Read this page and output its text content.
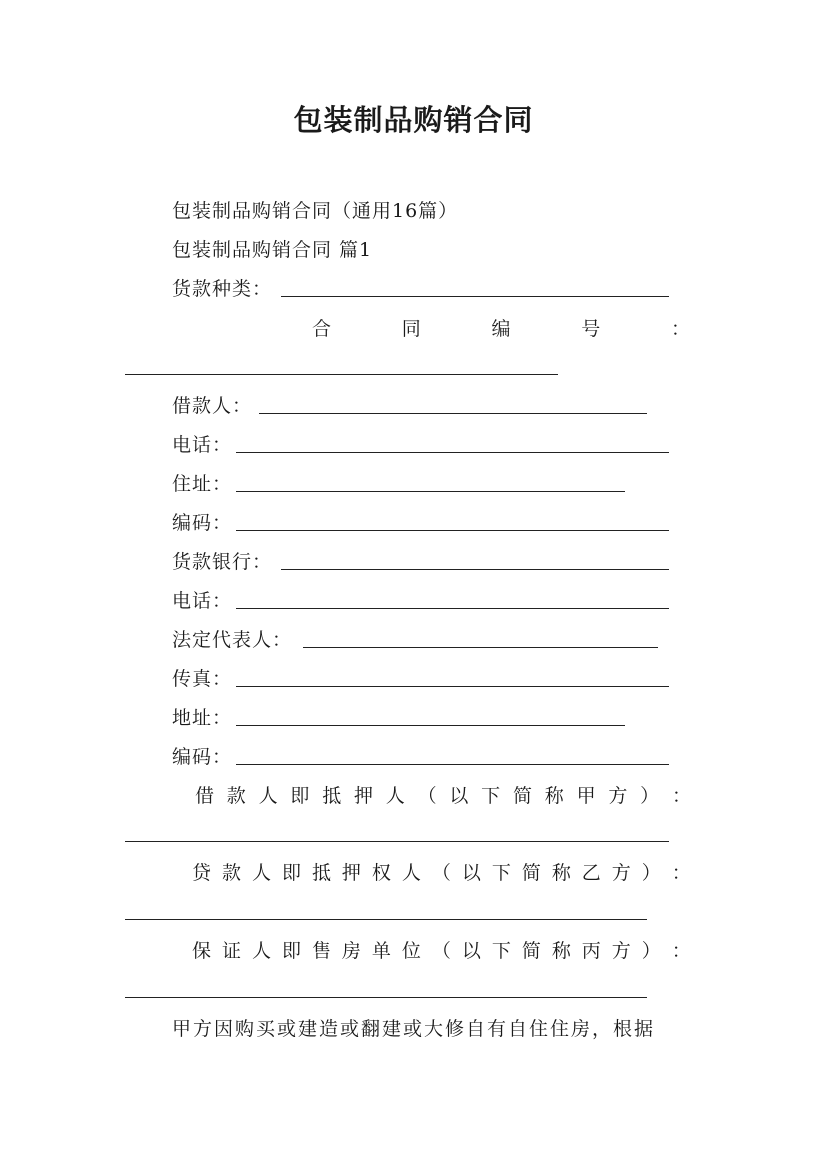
包装制品购销合同
包装制品购销合同（通用16篇）
包装制品购销合同 篇1
货款种类：
合	同	编	号	：
借款人：
电话：
住址：
编码：
货款银行：
电话：
法定代表人：
传真：
地址：
编码：
借 款 人 即 抵 押 人 （ 以 下 简 称 甲 方 ） ：
贷 款 人 即 抵 押 权 人 （ 以 下 简 称 乙 方 ） ：
保 证 人 即 售 房 单 位 （ 以 下 简 称 丙 方 ） ：
甲方因购买或建造或翻建或大修自有自住住房，根据
